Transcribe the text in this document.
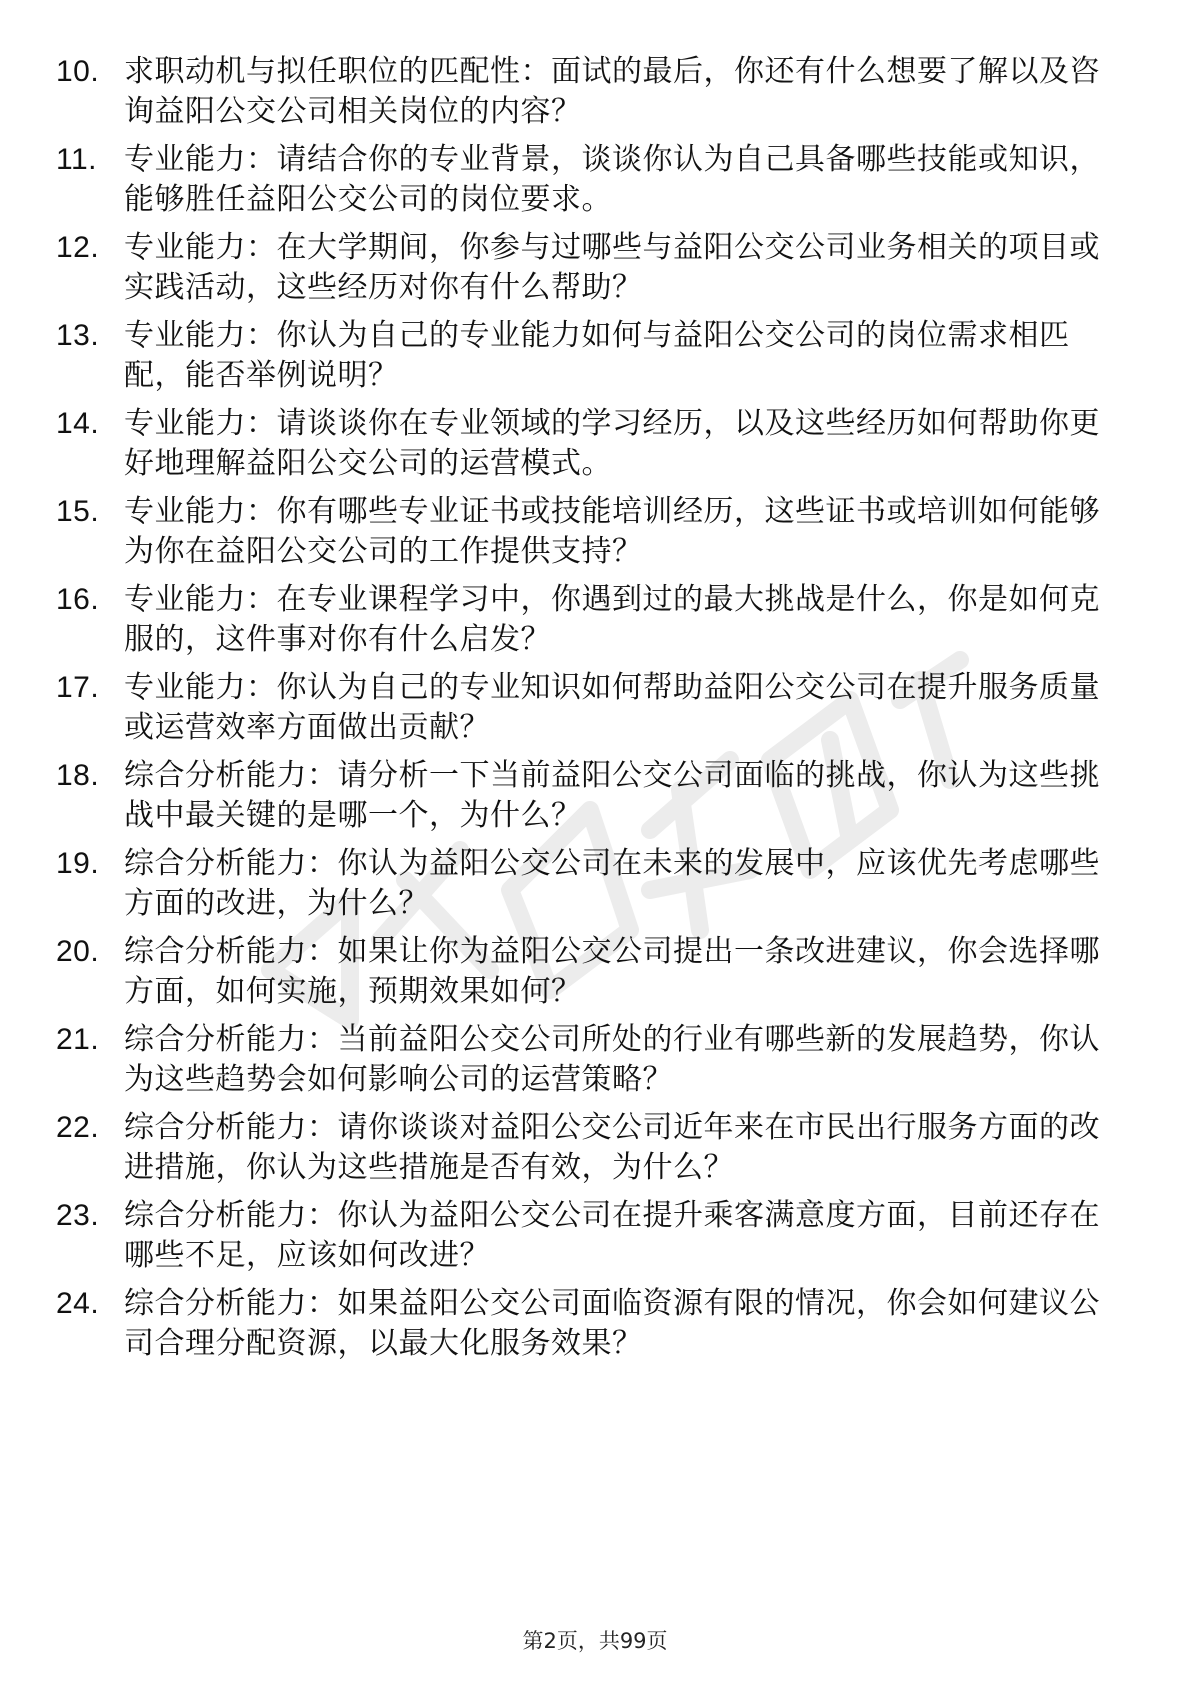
10. 求职动机与拟任职位的匹配性：面试的最后，你还有什么想要了解以及咨询益阳公交公司相关岗位的内容？
11. 专业能力：请结合你的专业背景，谈谈你认为自己具备哪些技能或知识，能够胜任益阳公交公司的岗位要求。
12. 专业能力：在大学期间，你参与过哪些与益阳公交公司业务相关的项目或实践活动，这些经历对你有什么帮助？
13. 专业能力：你认为自己的专业能力如何与益阳公交公司的岗位需求相匹配，能否举例说明？
14. 专业能力：请谈谈你在专业领域的学习经历，以及这些经历如何帮助你更好地理解益阳公交公司的运营模式。
15. 专业能力：你有哪些专业证书或技能培训经历，这些证书或培训如何能够为你在益阳公交公司的工作提供支持？
16. 专业能力：在专业课程学习中，你遇到过的最大挑战是什么，你是如何克服的，这件事对你有什么启发？
17. 专业能力：你认为自己的专业知识如何帮助益阳公交公司在提升服务质量或运营效率方面做出贡献？
18. 综合分析能力：请分析一下当前益阳公交公司面临的挑战，你认为这些挑战中最关键的是哪一个，为什么？
19. 综合分析能力：你认为益阳公交公司在未来的发展中，应该优先考虑哪些方面的改进，为什么？
20. 综合分析能力：如果让你为益阳公交公司提出一条改进建议，你会选择哪方面，如何实施，预期效果如何？
21. 综合分析能力：当前益阳公交公司所处的行业有哪些新的发展趋势，你认为这些趋势会如何影响公司的运营策略？
22. 综合分析能力：请你谈谈对益阳公交公司近年来在市民出行服务方面的改进措施，你认为这些措施是否有效，为什么？
23. 综合分析能力：你认为益阳公交公司在提升乘客满意度方面，目前还存在哪些不足，应该如何改进？
24. 综合分析能力：如果益阳公交公司面临资源有限的情况，你会如何建议公司合理分配资源，以最大化服务效果？
第2页，共99页
